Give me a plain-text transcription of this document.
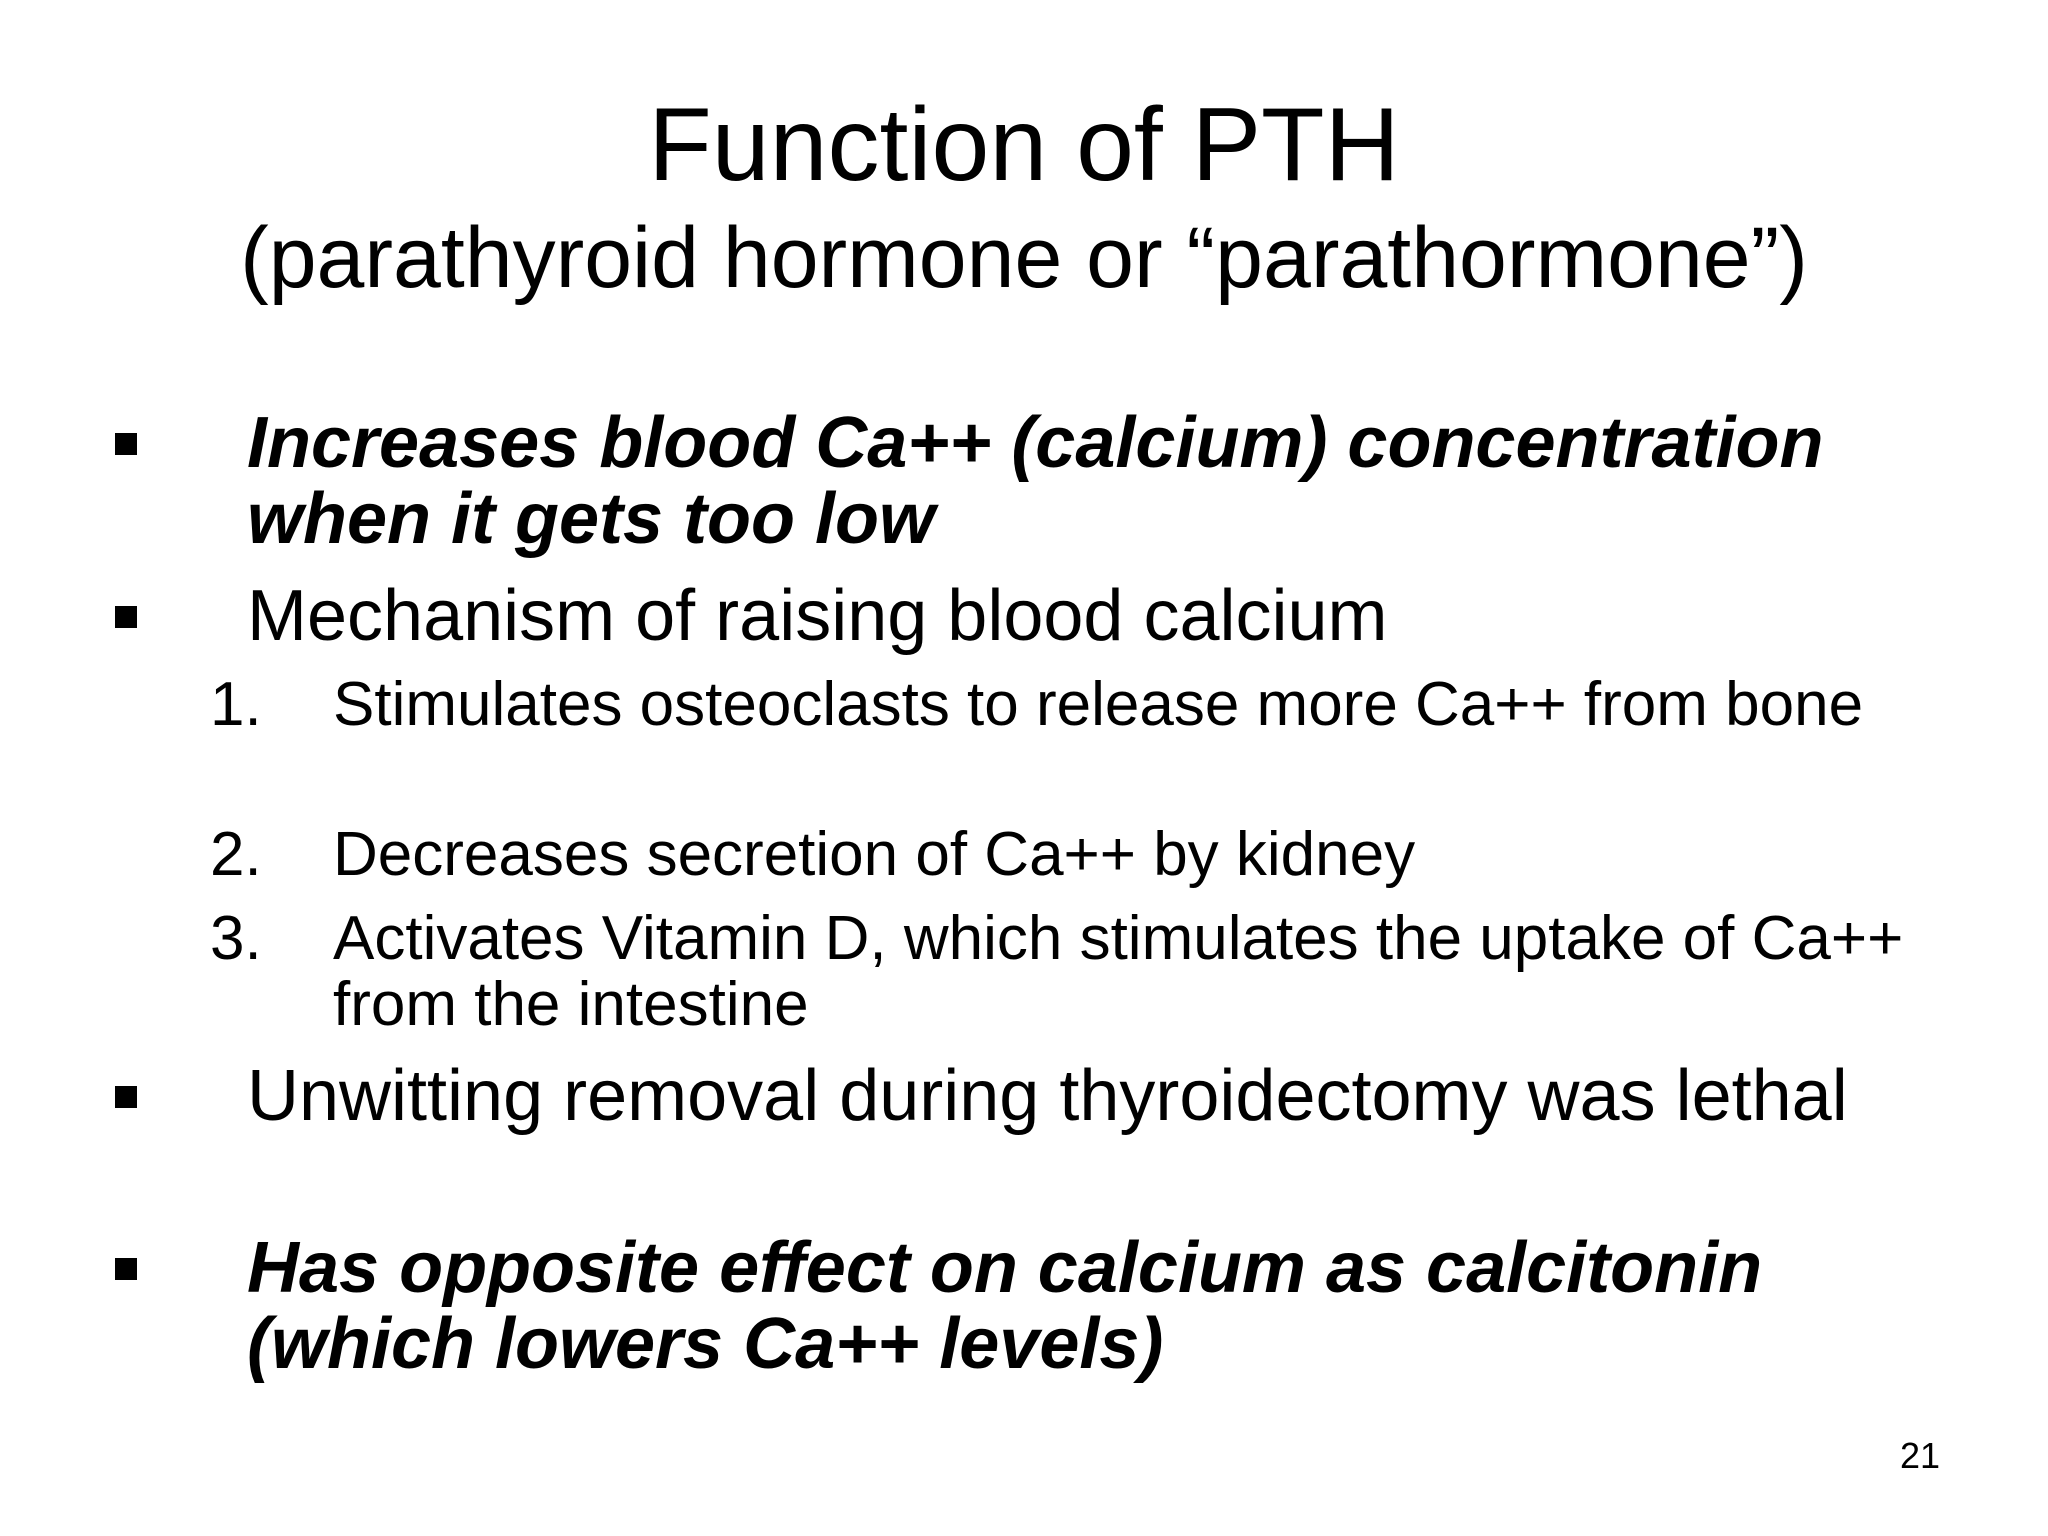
Function of PTH
(parathyroid hormone or “parathormone”)

Increases blood Ca++ (calcium) concentration when it gets too low

Mechanism of raising blood calcium

1. Stimulates osteoclasts to release more Ca++ from bone
2. Decreases secretion of Ca++ by kidney
3. Activates Vitamin D, which stimulates the uptake of Ca++ from the intestine

Unwitting removal during thyroidectomy was lethal

Has opposite effect on calcium as calcitonin (which lowers Ca++ levels)

21
